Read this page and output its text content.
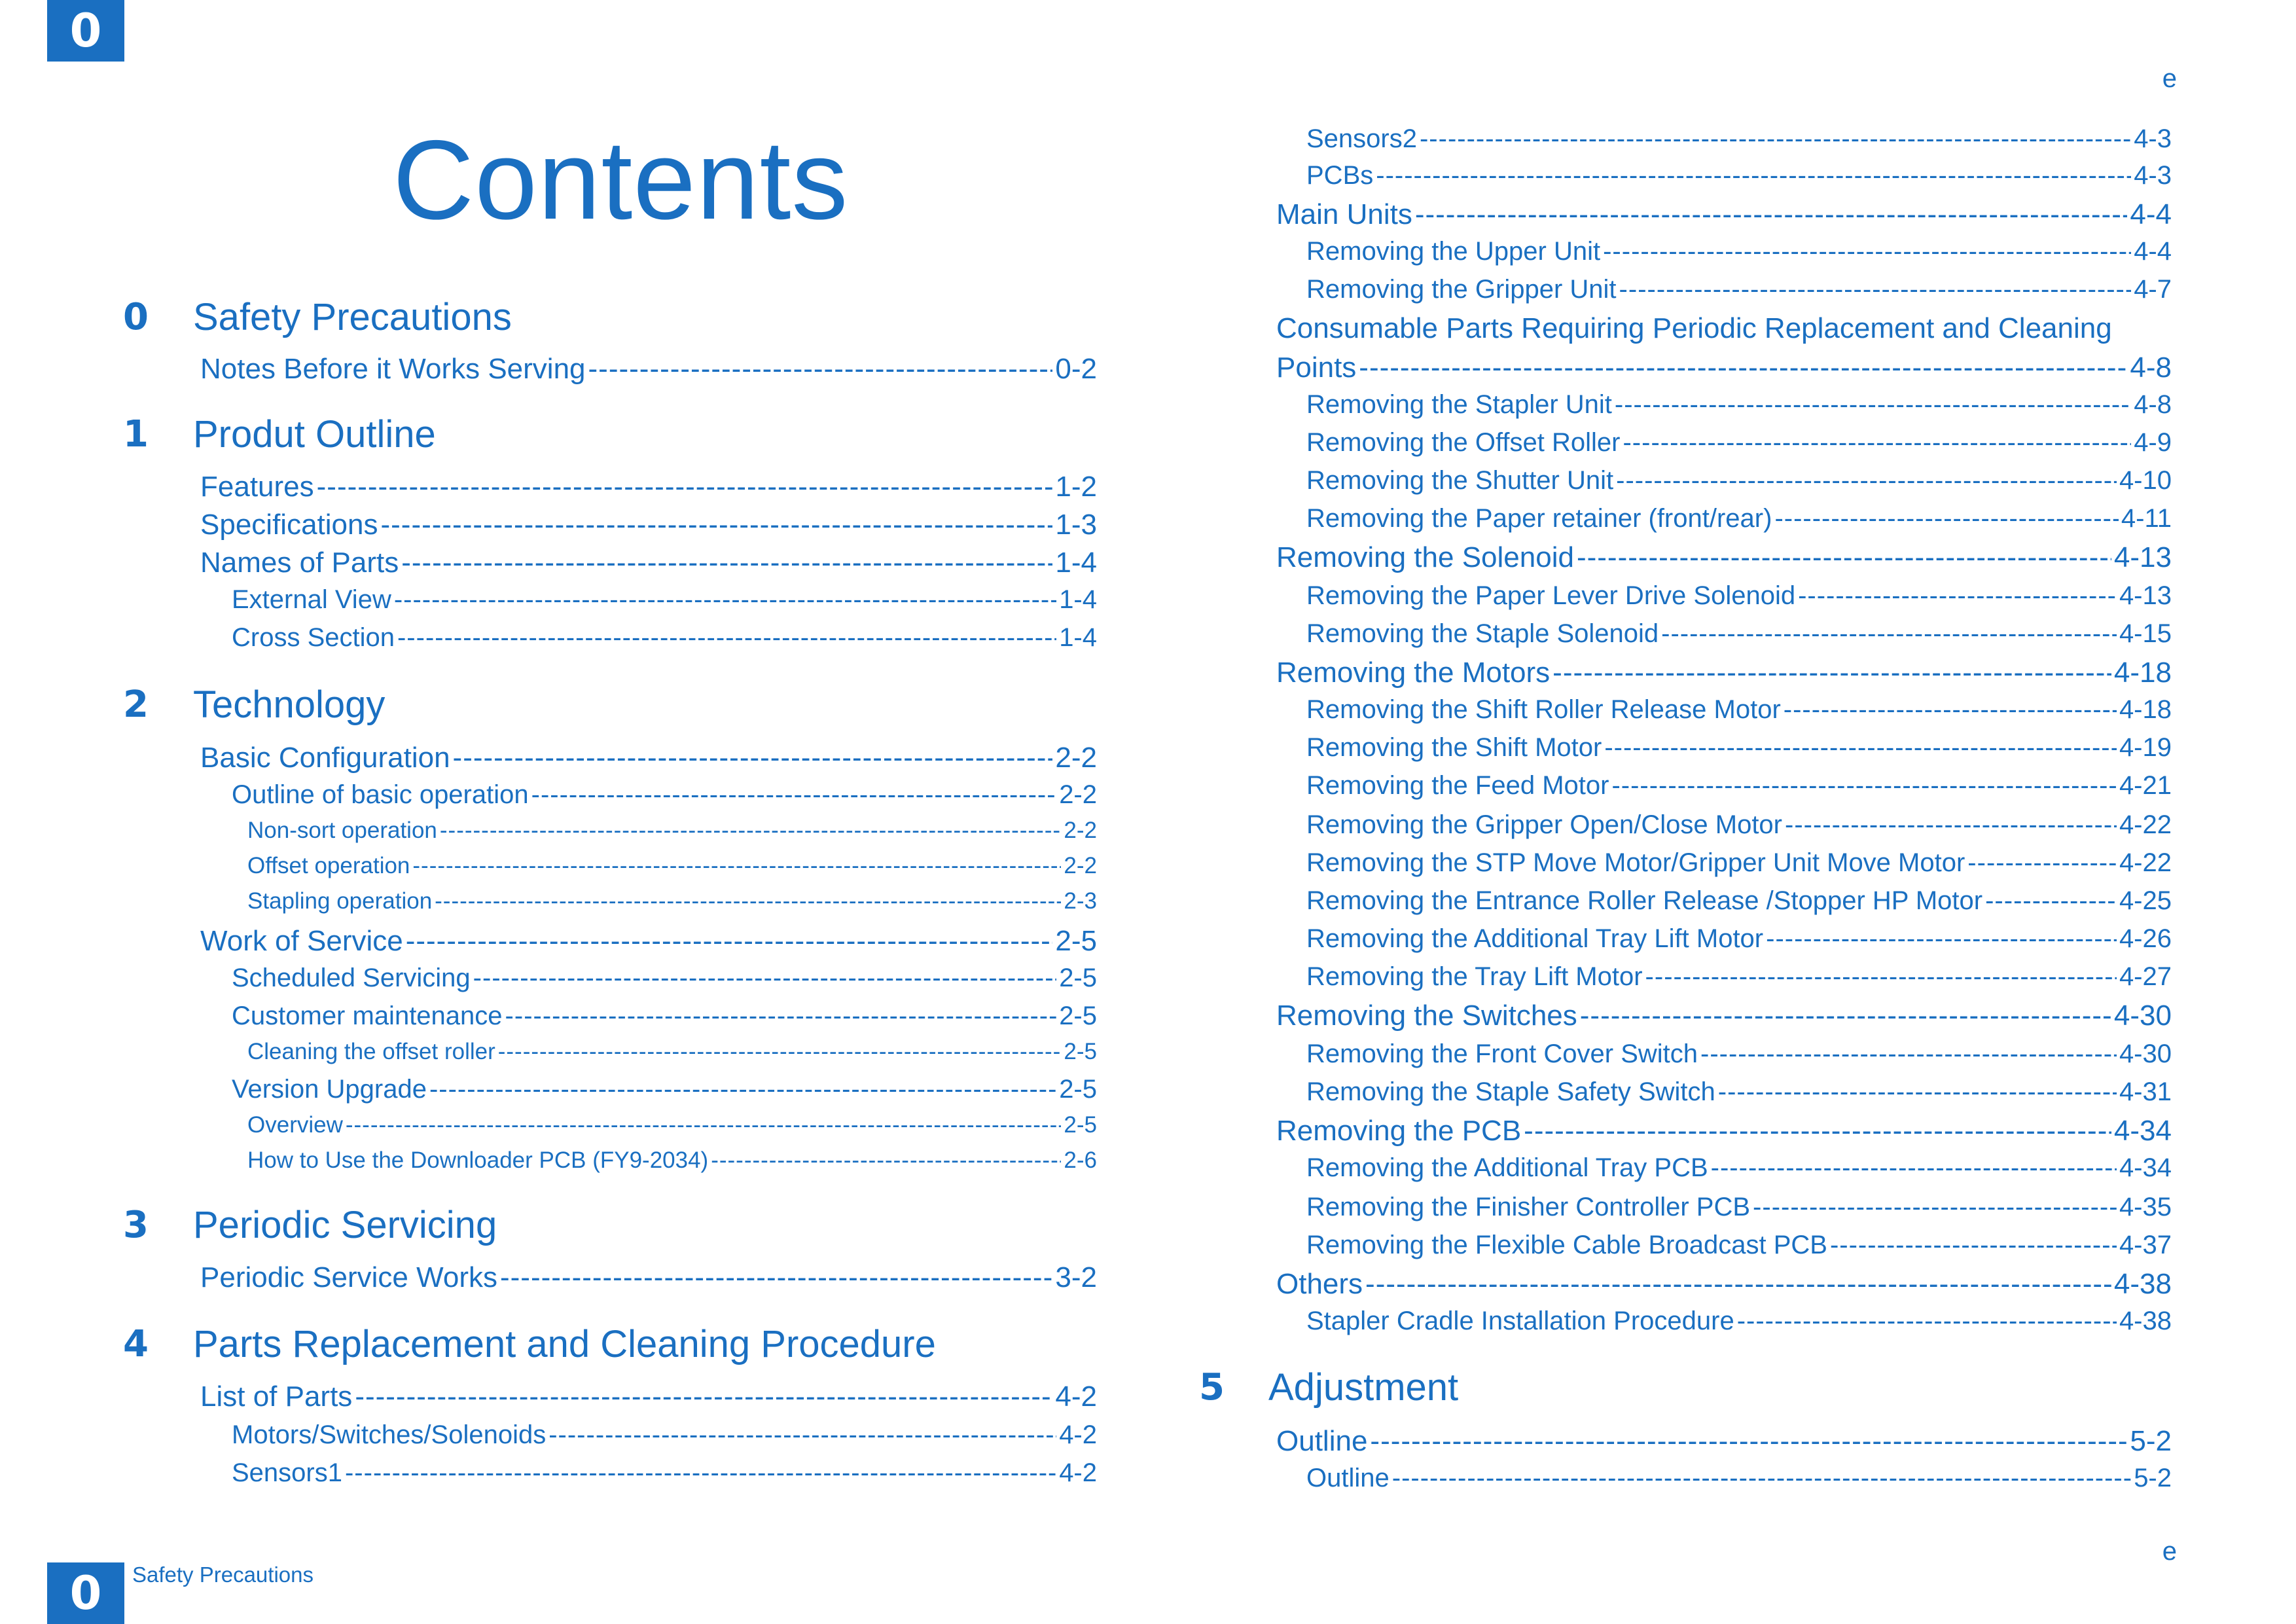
0
e
Contents
0 Safety Precautions
Notes Before it Works Serving -----	0-2
1 Produt Outline
Features -----	1-2
Specifications -----	1-3
Names of Parts -----	1-4
External View -----	1-4
Cross Section -----	1-4
2 Technology
Basic Configuration -----	2-2
Outline of basic operation -----	2-2
Non-sort operation -----	2-2
Offset operation -----	2-2
Stapling operation -----	2-3
Work of Service -----	2-5
Scheduled Servicing -----	2-5
Customer maintenance -----	2-5
Cleaning the offset roller -----	2-5
Version Upgrade -----	2-5
Overview -----	2-5
How to Use the Downloader PCB (FY9-2034) -----	2-6
3 Periodic Servicing
Periodic Service Works -----	3-2
4 Parts Replacement and Cleaning Procedure
List of Parts -----	4-2
Motors/Switches/Solenoids -----	4-2
Sensors1 -----	4-2
Sensors2 -----	4-3
PCBs -----	4-3
Main Units -----	4-4
Removing the Upper Unit -----	4-4
Removing the Gripper Unit -----	4-7
Consumable Parts Requiring Periodic Replacement and Cleaning
Points -----	4-8
Removing the Stapler Unit -----	4-8
Removing the Offset Roller -----	4-9
Removing the Shutter Unit -----	4-10
Removing the Paper retainer (front/rear) -----	4-11
Removing the Solenoid -----	4-13
Removing the Paper Lever Drive Solenoid -----	4-13
Removing the Staple Solenoid -----	4-15
Removing the Motors -----	4-18
Removing the Shift Roller Release Motor -----	4-18
Removing the Shift Motor -----	4-19
Removing the Feed Motor -----	4-21
Removing the Gripper Open/Close Motor -----	4-22
Removing the STP Move Motor/Gripper Unit Move Motor -----	4-22
Removing the Entrance Roller Release /Stopper HP Motor -----	4-25
Removing the Additional Tray Lift Motor -----	4-26
Removing the Tray Lift Motor -----	4-27
Removing the Switches -----	4-30
Removing the Front Cover Switch -----	4-30
Removing the Staple Safety Switch -----	4-31
Removing the PCB -----	4-34
Removing the Additional Tray PCB -----	4-34
Removing the Finisher Controller PCB -----	4-35
Removing the Flexible Cable Broadcast PCB -----	4-37
Others -----	4-38
Stapler Cradle Installation Procedure -----	4-38
5 Adjustment
Outline -----	5-2
Outline -----	5-2
e
0	Safety Precautions
